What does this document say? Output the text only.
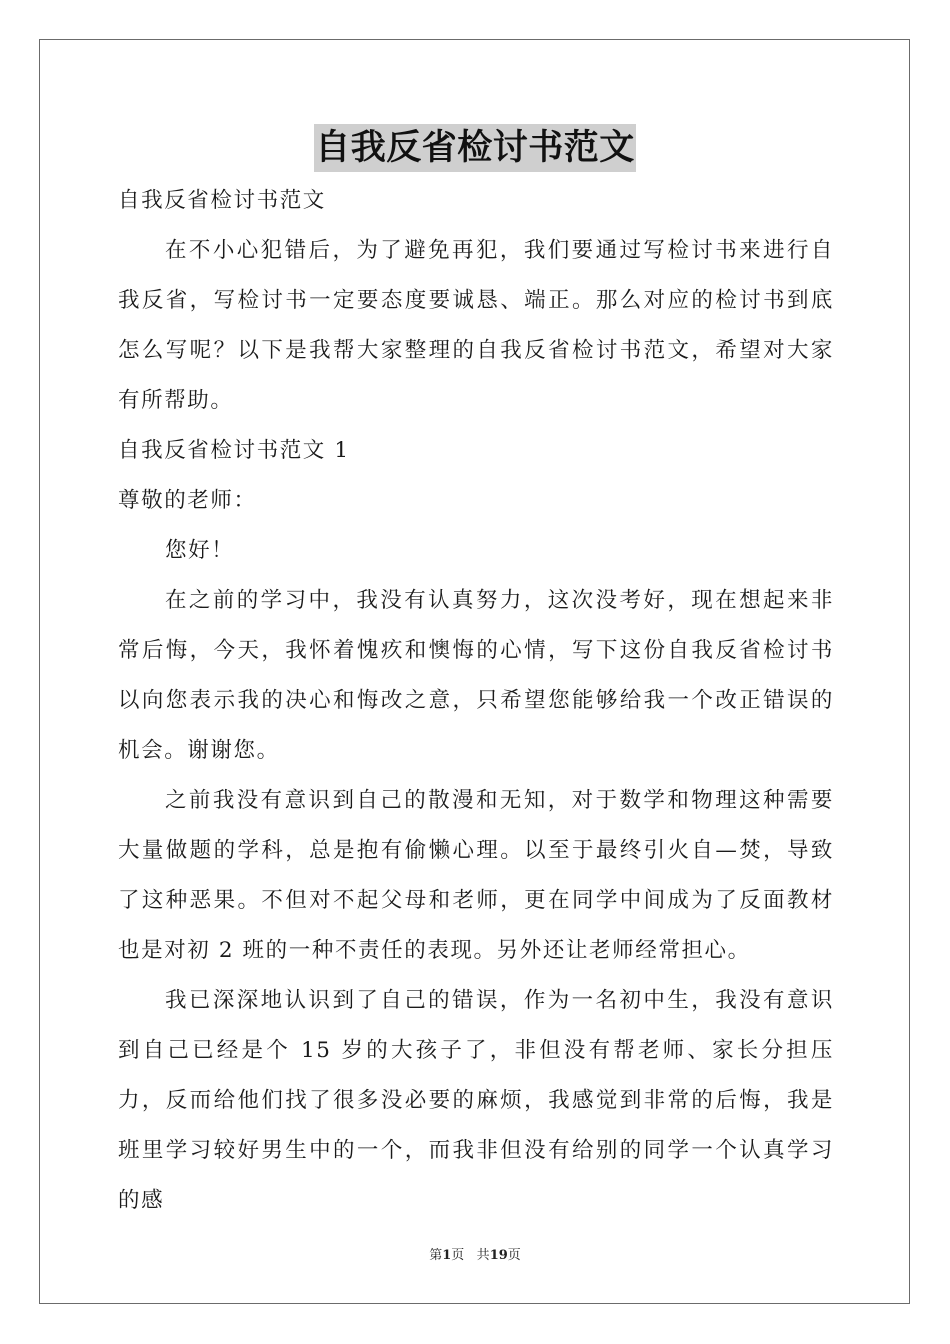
自我反省检讨书范文

自我反省检讨书范文

在不小心犯错后，为了避免再犯，我们要通过写检讨书来进行自我反省，写检讨书一定要态度要诚恳、端正。那么对应的检讨书到底怎么写呢？以下是我帮大家整理的自我反省检讨书范文，希望对大家有所帮助。

自我反省检讨书范文 1

尊敬的老师：

您好！

在之前的学习中，我没有认真努力，这次没考好，现在想起来非常后悔，今天，我怀着愧疚和懊悔的心情，写下这份自我反省检讨书以向您表示我的决心和悔改之意，只希望您能够给我一个改正错误的机会。谢谢您。

之前我没有意识到自己的散漫和无知，对于数学和物理这种需要大量做题的学科，总是抱有偷懒心理。以至于最终引火自—焚，导致了这种恶果。不但对不起父母和老师，更在同学中间成为了反面教材也是对初 2 班的一种不责任的表现。另外还让老师经常担心。

我已深深地认识到了自己的错误，作为一名初中生，我没有意识到自己已经是个 15 岁的大孩子了，非但没有帮老师、家长分担压力，反而给他们找了很多没必要的麻烦，我感觉到非常的后悔，我是班里学习较好男生中的一个，而我非但没有给别的同学一个认真学习的感

第1页 共19页
